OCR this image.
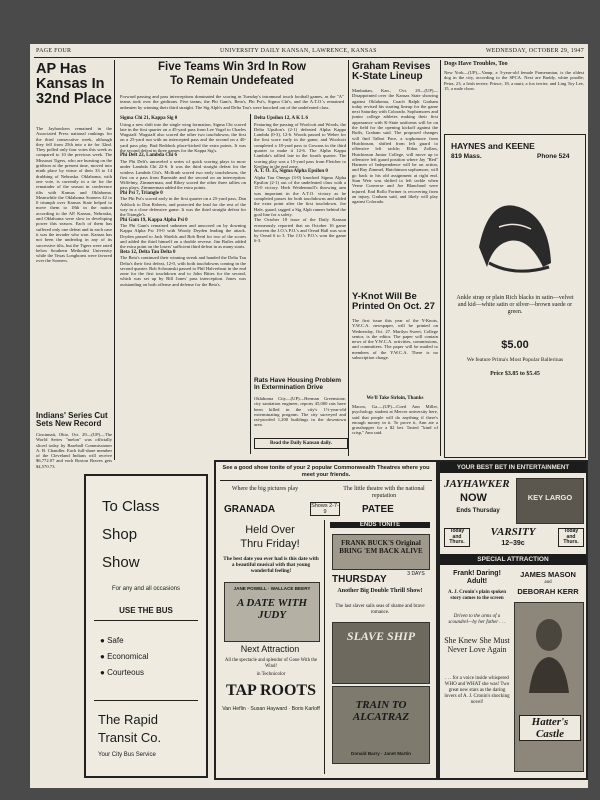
PAGE FOUR	UNIVERSITY DAILY KANSAN, LAWRENCE, KANSAS	WEDNESDAY, OCTOBER 29, 1947
AP Has Kansas In 32nd Place
The Jayhawkers remained in the Associated Press national rankings for the third consecutive week, although they fell from 25th into a tie for 32nd. They polled only four votes this week as compared to 10 the previous week. The Missouri Tigers, who are bursting on the gridiron at the present time, moved into ninth place by virtue of their 33 to 14 drubbing of Nebraska. Oklahoma, with one vote, is currently in a tie for the remainder of the season in conference tilts with Kansas and Oklahoma. Meanwhile the Oklahoma Sooners 42 to 0 triumph over Kansas State helped to move them to 18th in the nation according to the AP. Kansas, Nebraska, and Oklahoma were slow in developing power this season. Each of them has suffered only one defeat and in each case it was the invader who won. Kansas has not been the underdog in any of its successive tilts, but the Tigers were rated below Southern Methodist University while the Texas Longhorns were favored over the Sooners.
Indians' Series Cut Sets New Record
Cincinnati, Ohio, Oct. 29—(UP)—The World Series "melon" was officially sliced today by Baseball Commissioner A. B. Chandler. Each full-share member of the Cleveland Indians will receive $6,772.07 and each Boston Braves gets $4,570.73.
To Class
Shop
Show
For any and all occasions
USE THE BUS
● Safe
● Economical
● Courteous
The Rapid
Transit Co.
Your City Bus Service
Five Teams Win 3rd In Row
To Remain Undefeated
Forward passing and pass interceptions dominated the scoring in Tuesday's intramural touch football games, as the "A" teams took over the gridirons. Five teams, the Phi Gam's, Beta's, Phi Psi's, Sigma Chi's, and the A.T.O.'s remained unbeaten by winning their third straight. The Sig Alph's and Delta Tau's were knocked out of the undefeated class.
Sigma Chi 21, Kappa Sig 0
Using a new shift into the single wing formation, Sigma Chi scored late in the first quarter on a 45-yard pass from Lee Vogel to Charles Wagstaff. Wagstaff also scored the other two touchdowns, the first on a 25-yard run with an intercepted pass and the second on a 40-yard pass play. Bud Reddock place-kicked the extra points. It was the second defeat in three games for the Kappa Sig's.
Phi Delt 22, Lambda Chi 6
The Phi Delt's unraveled a series of quick scoring plays to mow under Lambda Chi 22-6. It was the third straight defeat for the winless Lambda Chi's. McIlrath scored two early touchdowns, the first on a pass from Burnside and the second on an interception. Wiffelmy, Zimmerman, and Rikey scored the other three tallies on pass plays. Zimmerman added the extra points.
Phi Psi 7, Triangle 0
The Phi Psi's scored early in the first quarter on a 25-yard pass, Dan Ashlock to Don Roberts, and protected the lead for the rest of the way in a close defensive game. It was the third straight defeat for the Triangle's.
Phi Gam 19, Kappa Alpha Psi 0
The Phi Gam's remained unbeaten and unscored on by downing Kappa Alpha Psi 19-0 with Woody Dryden leading the attack. Dryden passed to Jack Shields and Bob Reid for two of the scores and added the third himself on a double reverse. Jim Bailes added the extra point on the losers' sufficient third defeat in as many starts.
Beta 12, Delta Tau Delta 0
The Beta's continued their winning streak and handed the Delta Tau Delta's their first defeat, 12-0, with both touchdowns coming in the second quarter. Bob Schwanski passed to Phil Halverhout in the end zone for the first touchdown and to John Bittes for the second, which was set up by Bill Jones' pass interception. Jones was outstanding on both offense and defense for the Beta's.
Delta Upsilon 12, A K L 6
Featuring the passing of Woolcott and Woods, the Delta Upsilon's (2-1) defeated Alpha Kappa Lambda (0-3), 12-6. Woods passed to Weber for the first score early in the game, and Woolcott completed a 18-yard pass to Gowans in the third quarter to make it 12-6. The Alpha Kappa Lambda's tallied late in the fourth quarter. The scoring play was a 15-yard pass from Fletcher to Keeling in the end zone.
A. T. O. 15, Sigma Alpha Epsilon 0
Alpha Tau Omega (3-0) knocked Sigma Alpha Epsilon (2-1) out of the undefeated class with a 15-0 victory. Herb Weidenmoll's throwing arm was important in the A.T.O. victory as he completed passes for both touchdowns and added the extra point after the first touchdown. Joe Hale, guard, tagged a Sig Alph runner behind the goal line for a safety.
The October 18 issue of the Daily Kansan erroneously reported that on October 16 game between the J.O.'s P.O.'s and Oread Hall was won by Oread 6 to 3. The J.O.'s P.O.'s won the game 6-3.
Rats Have Housing Problem In Extermination Drive
Oklahoma City—(UP)—Herman Greenstone, city sanitation engineer, reports 45,000 rats have been killed in the city's 1½-year-old exterminating program. The city surveyed and rat-proofed 1,200 buildings in the downtown area.
Read the Daily Kansan daily.
Graham Revises K-State Lineup
Manhattan, Kan., Oct. 29—(UP)—Disappointed over the Kansas State showing against Oklahoma, Coach Ralph Graham today revised his starting lineup for the game next Saturday with Colorado. Sophomores and junior college athletes making their first appearance with K-State uniforms will be on the field for the opening kickoff against the Buffs, Graham said. The proposed changes will find Talbot Pace, a sophomore from Hutchinson, shifted from left guard to offensive left tackle; Eldon Zollars, Hutchinson Junior College, will move up to offensive left guard position where Jay "Red" Harmen of Independence will be on action, and Ray Zimmel, Hutchinson sophomore, will go back to his old assignment at right end. Stan Weir was shifted to left tackle when Verne Converse and Joe Blanchard were injured. End Rollo Fortner is recovering from an injury, Graham said, and likely will play against Colorado.
Y-Knot Will Be Printed On Oct. 27
The first issue this year of the Y-Knots, Y.W.C.A. newspaper, will be printed on Wednesday, Oct. 27. Marilyn Sweet, College senior, is the editor. The paper will contain news of the Y.W.C.A. activities, commissions, and committees. The paper will be mailed to members of the Y.W.C.A. There is no subscription charge.
We'll Take Sirloin, Thanks
Macon, Ga.—(UP)—Coed Ann Miller, psychology student at Mercer university here, said that people will do anything if there's enough money in it. To prove it, Ann ate a grasshopper for a $2 bet. Tasted "kind of crisp," Ann said.
Dogs Have Troubles, Too
New York—(UP)—Vamp, a 3-year-old female Pomeranian, is the oldest dog in the city, according to the SPCA. Next are Buddy, white poodle; Petra, 23, a Irish terrier; Prince, 18, a mutt; a fox terrier, and Ling Toy Lee, 15, a male chow.
HAYNES and KEENE
819 Mass.	Phone 524
Ankle strap or plain Rich blacks in satin—velvet and kid—white satin or silver—brown suede or green.
$5.00
We feature Prima's Most Popular Ballerinas
Price $3.85 to $5.45
See a good show tonite of your 2 popular Commonwealth Theatres where you meet your friends.
Where the big pictures play	The little theatre with the national reputation
GRANADA	Shows 2-7-9	PATEE
Held Over
Thru Friday!
The best date you ever had is this date with a beautiful musical with that young wonderful feeling!
JANE POWELL · WALLACE BEERY
A DATE WITH JUDY
Next Attraction
All the spectacle and splendor of Gone With the Wind!
in Technicolor
TAP ROOTS
Van Heflin · Susan Hayward · Boris Karloff
ENDS TONITE
FRANK BUCK'S Original BRING 'EM BACK ALIVE
THURSDAY	3 DAYS
Another Big Double Thrill Show!
The last slaver sails seas of shame and brave romance.
SLAVE SHIP
TRAIN TO ALCATRAZ
Donald Barry · Janet Martin
YOUR BEST BET IN ENTERTAINMENT
JAYHAWKER
NOW
Ends Thursday
KEY LARGO
Today and Thurs.
VARSITY
12–39c
Today and Thurs.
SPECIAL ATTRACTION
Frank! Daring! Adult!
A. J. Cronin's plain spoken story comes to the screen
Driven to the arms of a scoundrel—by her father . . .
She Knew She Must Never Love Again
. . . for a voice inside whispered WHO and WHAT she was! Two great new stars as the daring lovers of A. J. Cronin's shocking novel!
JAMES MASON
and
DEBORAH KERR
Hatter's Castle
